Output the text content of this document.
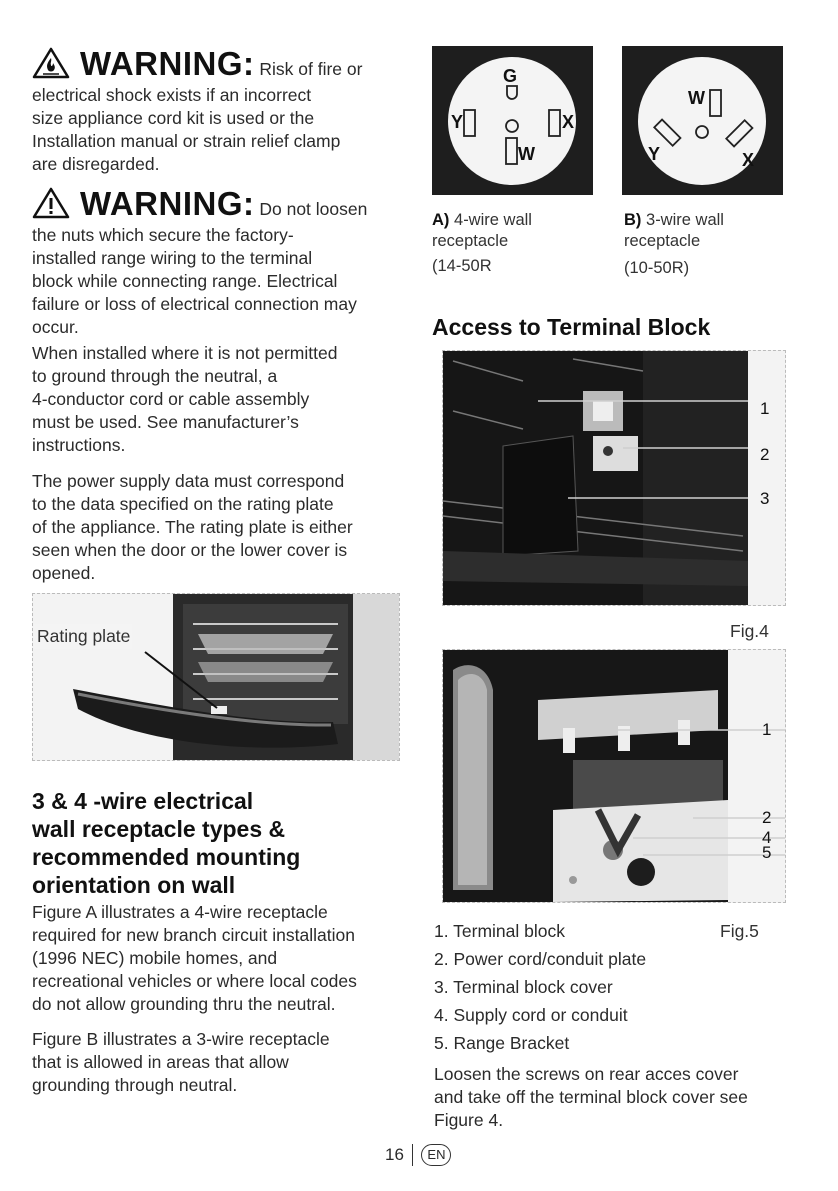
WARNING: Risk of fire or
electrical shock exists if an incorrect
size appliance cord kit is used or the
Installation manual or strain relief clamp
are disregarded.
WARNING: Do not loosen
the nuts which secure the factory-
installed range wiring to the terminal
block while connecting range. Electrical
failure or loss of electrical connection may
occur.
When installed where it is not permitted
to ground through the neutral, a
4-conductor cord or cable assembly
must be used. See manufacturer’s
instructions.
The power supply data must correspond
to the data specified on the rating plate
of the appliance. The rating plate is either
seen when the door or the lower cover is
opened.
Rating plate
3 & 4 -wire electrical
wall receptacle types &
recommended mounting
orientation on wall
Figure A illustrates a 4-wire receptacle
required for new branch circuit installation
(1996 NEC) mobile homes, and
recreational vehicles or where local codes
do not allow grounding thru the neutral.
Figure B illustrates a 3-wire receptacle
that is allowed in areas that allow
grounding through neutral.
G
Y	X
W
W
Y	X
A) 4-wire wall
receptacle
(14-50R
B) 3-wire wall
receptacle
(10-50R)
Access to Terminal Block
1
2
3
Fig.4
1
2
4
5
1. Terminal block
2. Power cord/conduit plate
3. Terminal block cover
4. Supply cord or conduit
5. Range Bracket
Fig.5
Loosen the screws on rear acces cover
and take off the terminal block cover see
Figure 4.
16	EN
